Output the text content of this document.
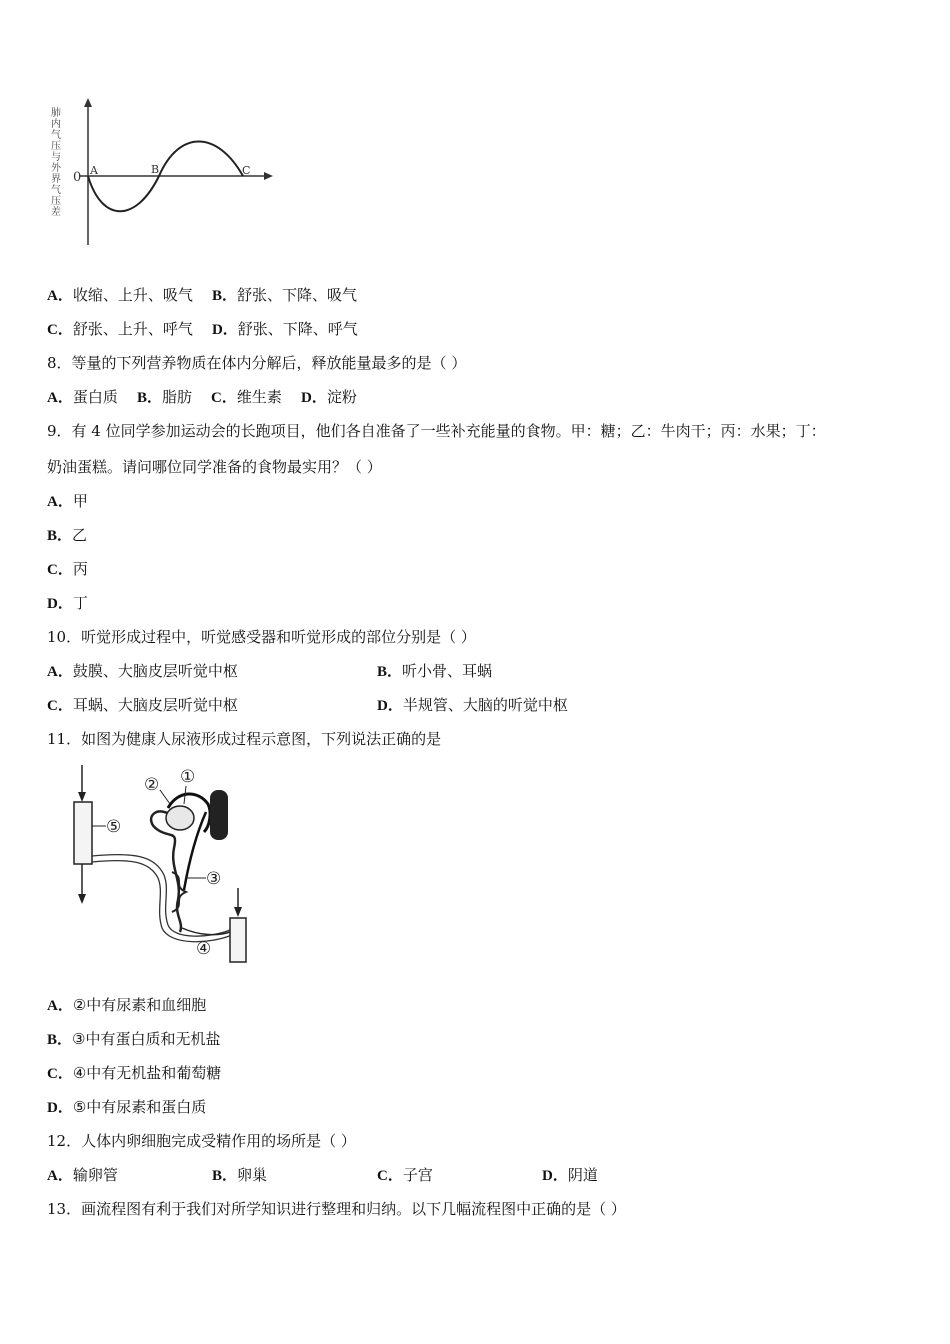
肺内气压与外界气压差 0 A	B	C
A．收缩、上升、吸气 B．舒张、下降、吸气
C．舒张、上升、呼气 D．舒张、下降、呼气
8．等量的下列营养物质在体内分解后，释放能量最多的是（ ）
A．蛋白质 B．脂肪 C．维生素 D．淀粉
9．有 4 位同学参加运动会的长跑项目，他们各自准备了一些补充能量的食物。甲：糖；乙：牛肉干；丙：水果；丁：
奶油蛋糕。请问哪位同学准备的食物最实用？（ ）
A．甲
B．乙
C．丙
D．丁
10．听觉形成过程中，听觉感受器和听觉形成的部位分别是（ ）
A．鼓膜、大脑皮层听觉中枢	B．听小骨、耳蜗
C．耳蜗、大脑皮层听觉中枢	D．半规管、大脑的听觉中枢
11．如图为健康人尿液形成过程示意图，下列说法正确的是
①
②
③
④
⑤
A．②中有尿素和血细胞
B．③中有蛋白质和无机盐
C．④中有无机盐和葡萄糖
D．⑤中有尿素和蛋白质
12．人体内卵细胞完成受精作用的场所是（ ）
A．输卵管	B．卵巢	C．子宫	D．阴道
13．画流程图有利于我们对所学知识进行整理和归纳。以下几幅流程图中正确的是（ ）
